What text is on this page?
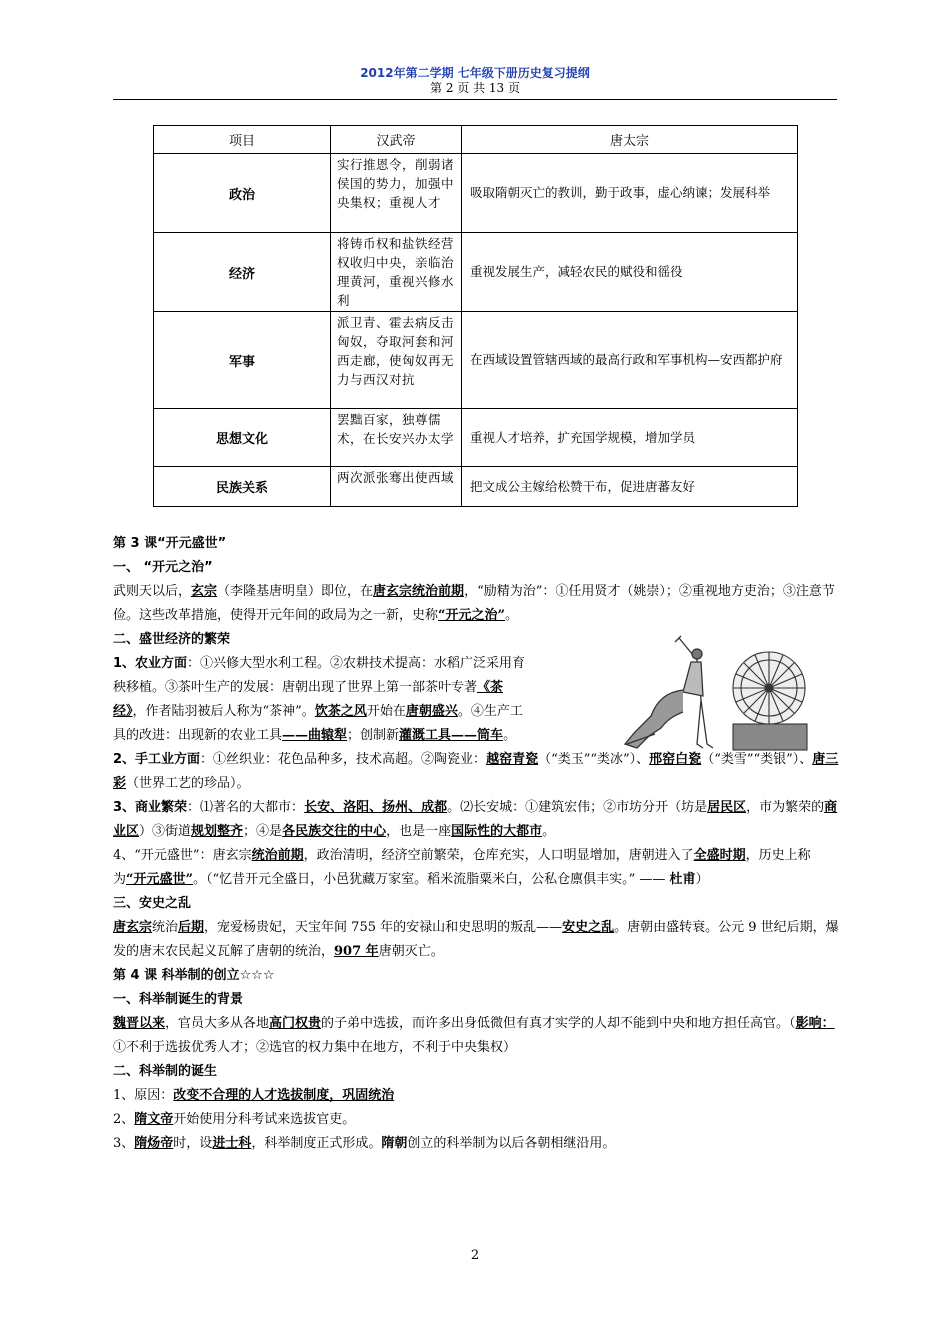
2012年第二学期 七年级下册历史复习提纲
第 2 页 共 13 页
项目	汉武帝	唐太宗
政治	实行推恩令，削弱诸侯国的势力，加强中央集权；重视人才	吸取隋朝灭亡的教训，勤于政事，虚心纳谏；发展科举
经济	将铸币权和盐铁经营权收归中央，亲临治理黄河，重视兴修水利	重视发展生产，减轻农民的赋役和徭役
军事	派卫青、霍去病反击匈奴，夺取河套和河西走廊，使匈奴再无力与西汉对抗	在西域设置管辖西域的最高行政和军事机构—安西都护府
思想文化	罢黜百家，独尊儒术，在长安兴办太学	重视人才培养，扩充国学规模，增加学员
民族关系	两次派张骞出使西域	把文成公主嫁给松赞干布，促进唐蕃友好

第 3 课“开元盛世”

一、 “开元之治”

武则天以后，玄宗（李隆基唐明皇）即位，在唐玄宗统治前期，“励精为治”：①任用贤才（姚崇）；②重视地方吏治；③注意节俭。这些改革措施，使得开元年间的政局为之一新，史称“开元之治”。

二、盛世经济的繁荣

1、农业方面：①兴修大型水利工程。②农耕技术提高：水稻广泛采用育秧移植。③茶叶生产的发展：唐朝出现了世界上第一部茶叶专著《茶经》，作者陆羽被后人称为“茶神”。饮茶之风开始在唐朝盛兴。④生产工具的改进：出现新的农业工具——曲辕犁；创制新灌溉工具——筒车。

2、手工业方面：①丝织业：花色品种多，技术高超。②陶瓷业：越窑青瓷（“类玉”“类冰”）、邢窑白瓷（“类雪”“类银”）、唐三彩（世界工艺的珍品）。

3、商业繁荣：⑴著名的大都市：长安、洛阳、扬州、成都。⑵长安城：①建筑宏伟；②市坊分开（坊是居民区，市为繁荣的商业区）③街道规划整齐；④是各民族交往的中心，也是一座国际性的大都市。

4、“开元盛世”：唐玄宗统治前期，政治清明，经济空前繁荣，仓库充实，人口明显增加，唐朝进入了全盛时期，历史上称为“开元盛世”。（“忆昔开元全盛日，小邑犹藏万家室。稻米流脂粟米白，公私仓廪俱丰实。” —— 杜甫）

三、安史之乱

唐玄宗统治后期，宠爱杨贵妃，天宝年间 755 年的安禄山和史思明的叛乱——安史之乱。唐朝由盛转衰。公元 9 世纪后期，爆发的唐末农民起义瓦解了唐朝的统治，907 年唐朝灭亡。

第 4 课 科举制的创立☆☆☆

一、科举制诞生的背景

魏晋以来，官员大多从各地高门权贵的子弟中选拔，而许多出身低微但有真才实学的人却不能到中央和地方担任高官。（影响：①不利于选拔优秀人才；②选官的权力集中在地方，不利于中央集权）

二、科举制的诞生

1、原因：改变不合理的人才选拔制度，巩固统治

2、隋文帝开始使用分科考试来选拔官吏。

3、隋炀帝时，设进士科，科举制度正式形成。隋朝创立的科举制为以后各朝相继沿用。

2
